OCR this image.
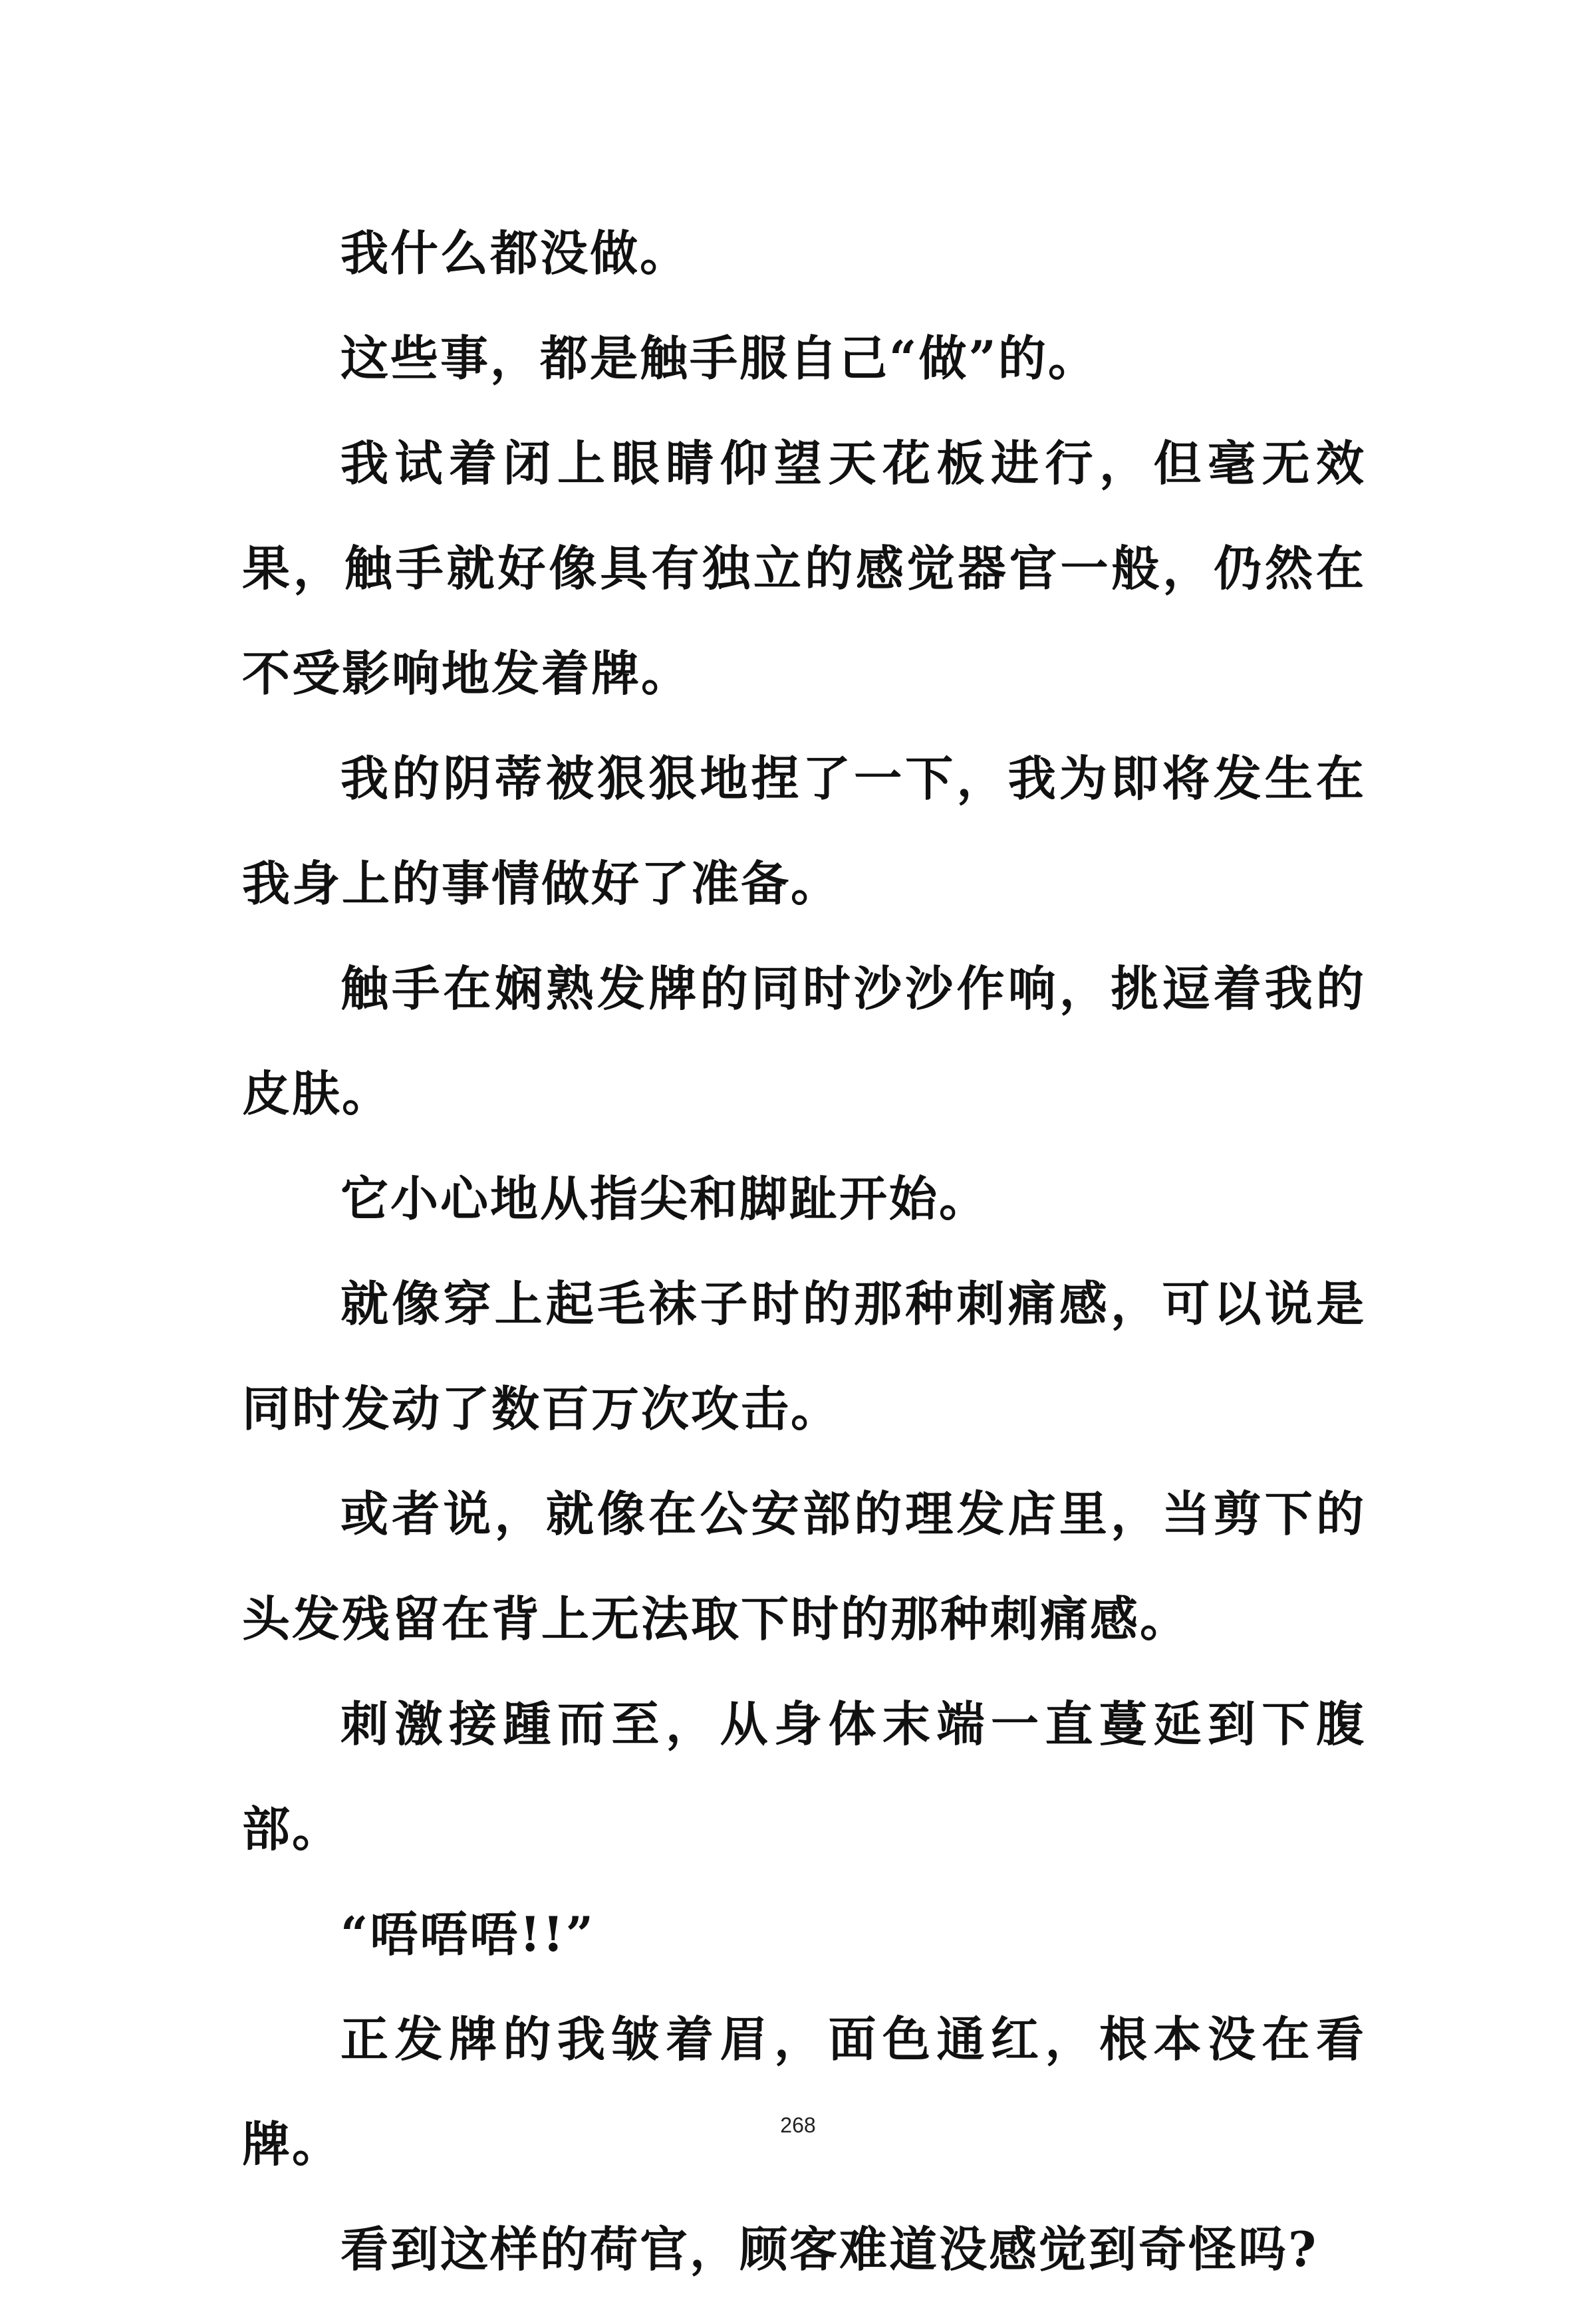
我什么都没做。

这些事，都是触手服自己“做”的。

我试着闭上眼睛仰望天花板进行，但毫无效果，触手就好像具有独立的感觉器官一般，仍然在不受影响地发着牌。

我的阴蒂被狠狠地捏了一下，我为即将发生在我身上的事情做好了准备。

触手在娴熟发牌的同时沙沙作响，挑逗着我的皮肤。

它小心地从指尖和脚趾开始。

就像穿上起毛袜子时的那种刺痛感，可以说是同时发动了数百万次攻击。

或者说，就像在公安部的理发店里，当剪下的头发残留在背上无法取下时的那种刺痛感。

刺激接踵而至，从身体末端一直蔓延到下腹部。

“唔唔唔!!”

正发牌的我皱着眉，面色通红，根本没在看牌。

看到这样的荷官，顾客难道没感觉到奇怪吗?

268
